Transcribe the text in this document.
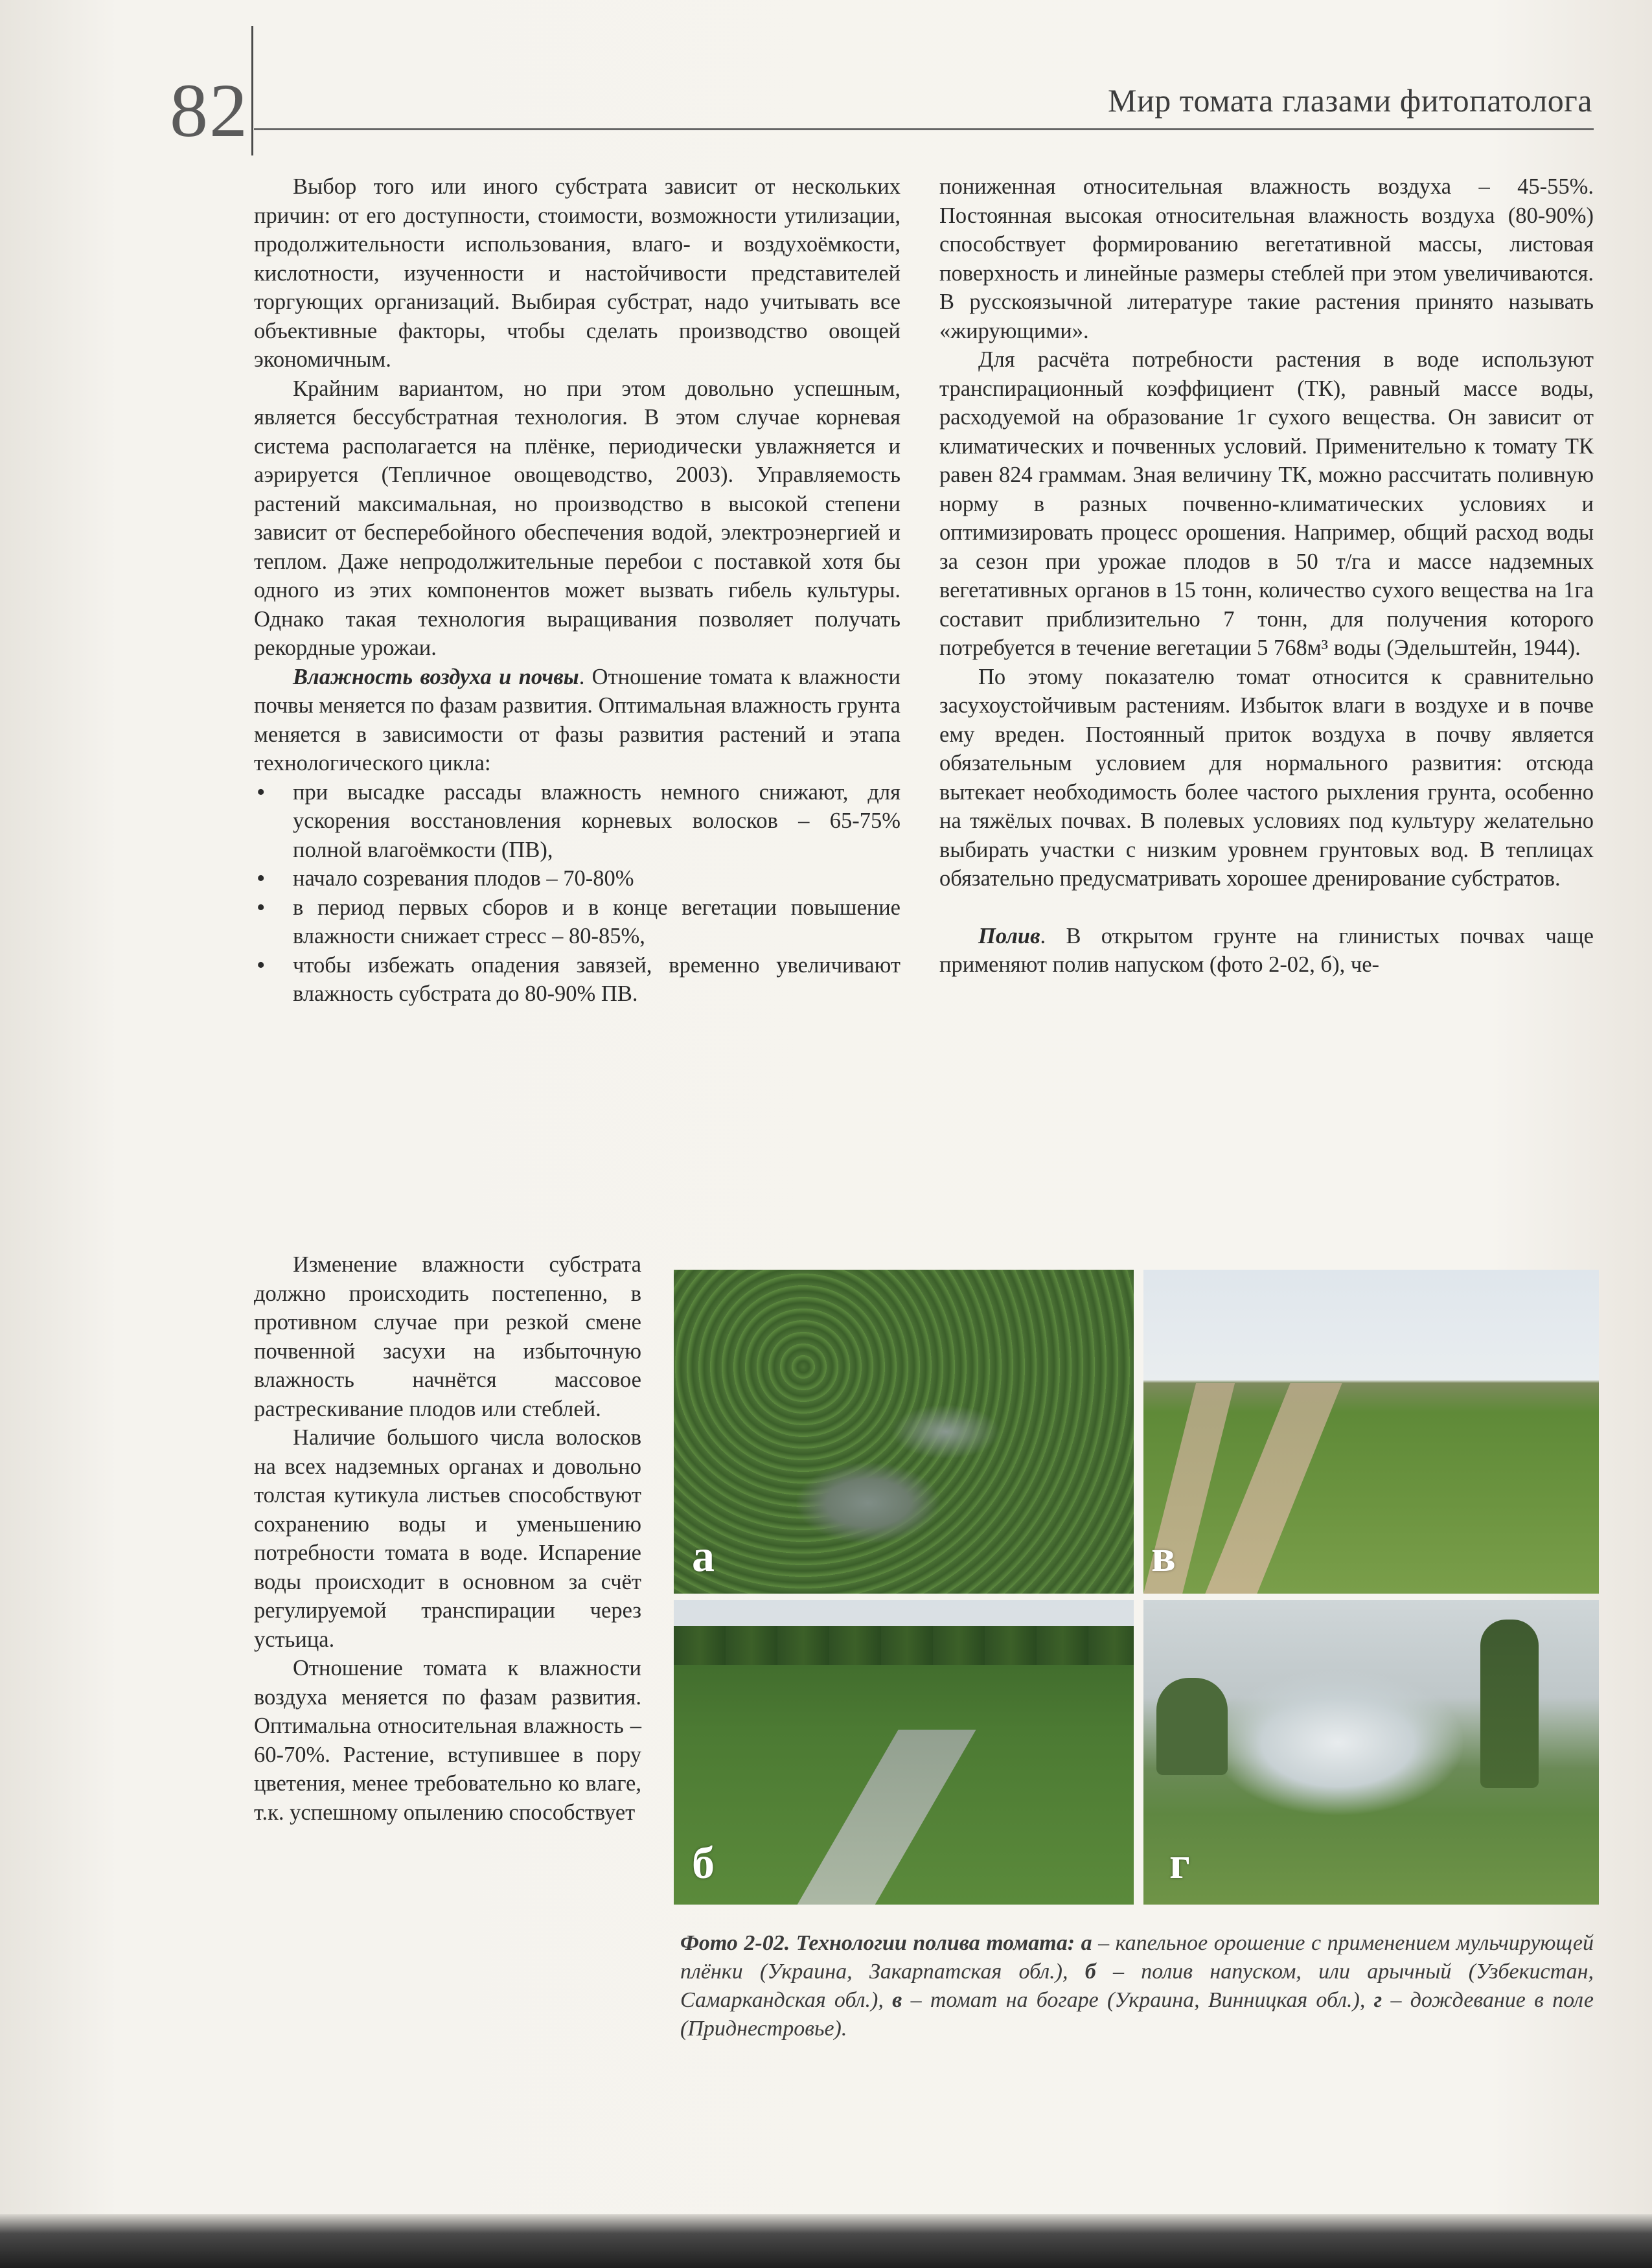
82	Мир томата глазами фитопатолога

Выбор того или иного субстрата зависит от нескольких причин: от его доступности, стоимости, возможности утилизации, продолжительности использования, влаго- и воздухоёмкости, кислотности, изученности и настойчивости представителей торгующих организаций. Выбирая субстрат, надо учитывать все объективные факторы, чтобы сделать производство овощей экономичным.

Крайним вариантом, но при этом довольно успешным, является бессубстратная технология. В этом случае корневая система располагается на плёнке, периодически увлажняется и аэрируется (Тепличное овощеводство, 2003). Управляемость растений максимальная, но производство в высокой степени зависит от бесперебойного обеспечения водой, электроэнергией и теплом. Даже непродолжительные перебои с поставкой хотя бы одного из этих компонентов может вызвать гибель культуры. Однако такая технология выращивания позволяет получать рекордные урожаи.

Влажность воздуха и почвы. Отношение томата к влажности почвы меняется по фазам развития. Оптимальная влажность грунта меняется в зависимости от фазы развития растений и этапа технологического цикла:

• при высадке рассады влажность немного снижают, для ускорения восстановления корневых волосков – 65-75% полной влагоёмкости (ПВ),
• начало созревания плодов – 70-80%
• в период первых сборов и в конце вегетации повышение влажности снижает стресс – 80-85%,
• чтобы избежать опадения завязей, временно увеличивают влажность субстрата до 80-90% ПВ.

Изменение влажности субстрата должно происходить постепенно, в противном случае при резкой смене почвенной засухи на избыточную влажность начнётся массовое растрескивание плодов или стеблей.

Наличие большого числа волосков на всех надземных органах и довольно толстая кутикула листьев способствуют сохранению воды и уменьшению потребности томата в воде. Испарение воды происходит в основном за счёт регулируемой транспирации через устьица.

Отношение томата к влажности воздуха меняется по фазам развития. Оптимальна относительная влажность – 60-70%. Растение, вступившее в пору цветения, менее требовательно ко влаге, т.к. успешному опылению способствует

пониженная относительная влажность воздуха – 45-55%. Постоянная высокая относительная влажность воздуха (80-90%) способствует формированию вегетативной массы, листовая поверхность и линейные размеры стеблей при этом увеличиваются. В русскоязычной литературе такие растения принято называть «жирующими».

Для расчёта потребности растения в воде используют транспирационный коэффициент (ТК), равный массе воды, расходуемой на образование 1г сухого вещества. Он зависит от климатических и почвенных условий. Применительно к томату ТК равен 824 граммам. Зная величину ТК, можно рассчитать поливную норму в разных почвенно-климатических условиях и оптимизировать процесс орошения. Например, общий расход воды за сезон при урожае плодов в 50 т/га и массе надземных вегетативных органов в 15 тонн, количество сухого вещества на 1га составит приблизительно 7 тонн, для получения которого потребуется в течение вегетации 5 768м³ воды (Эдельштейн, 1944).

По этому показателю томат относится к сравнительно засухоустойчивым растениям. Избыток влаги в воздухе и в почве ему вреден. Постоянный приток воздуха в почву является обязательным условием для нормального развития: отсюда вытекает необходимость более частого рыхления грунта, особенно на тяжёлых почвах. В полевых условиях под культуру желательно выбирать участки с низким уровнем грунтовых вод. В теплицах обязательно предусматривать хорошее дренирование субстратов.

Полив. В открытом грунте на глинистых почвах чаще применяют полив напуском (фото 2-02, б), че-

а	в
б	г
Фото 2-02. Технологии полива томата: а – капельное орошение с применением мульчирующей плёнки (Украина, Закарпатская обл.), б – полив напуском, или арычный (Узбекистан, Самаркандская обл.), в – томат на богаре (Украина, Винницкая обл.), г – дождевание в поле (Приднестровье).
